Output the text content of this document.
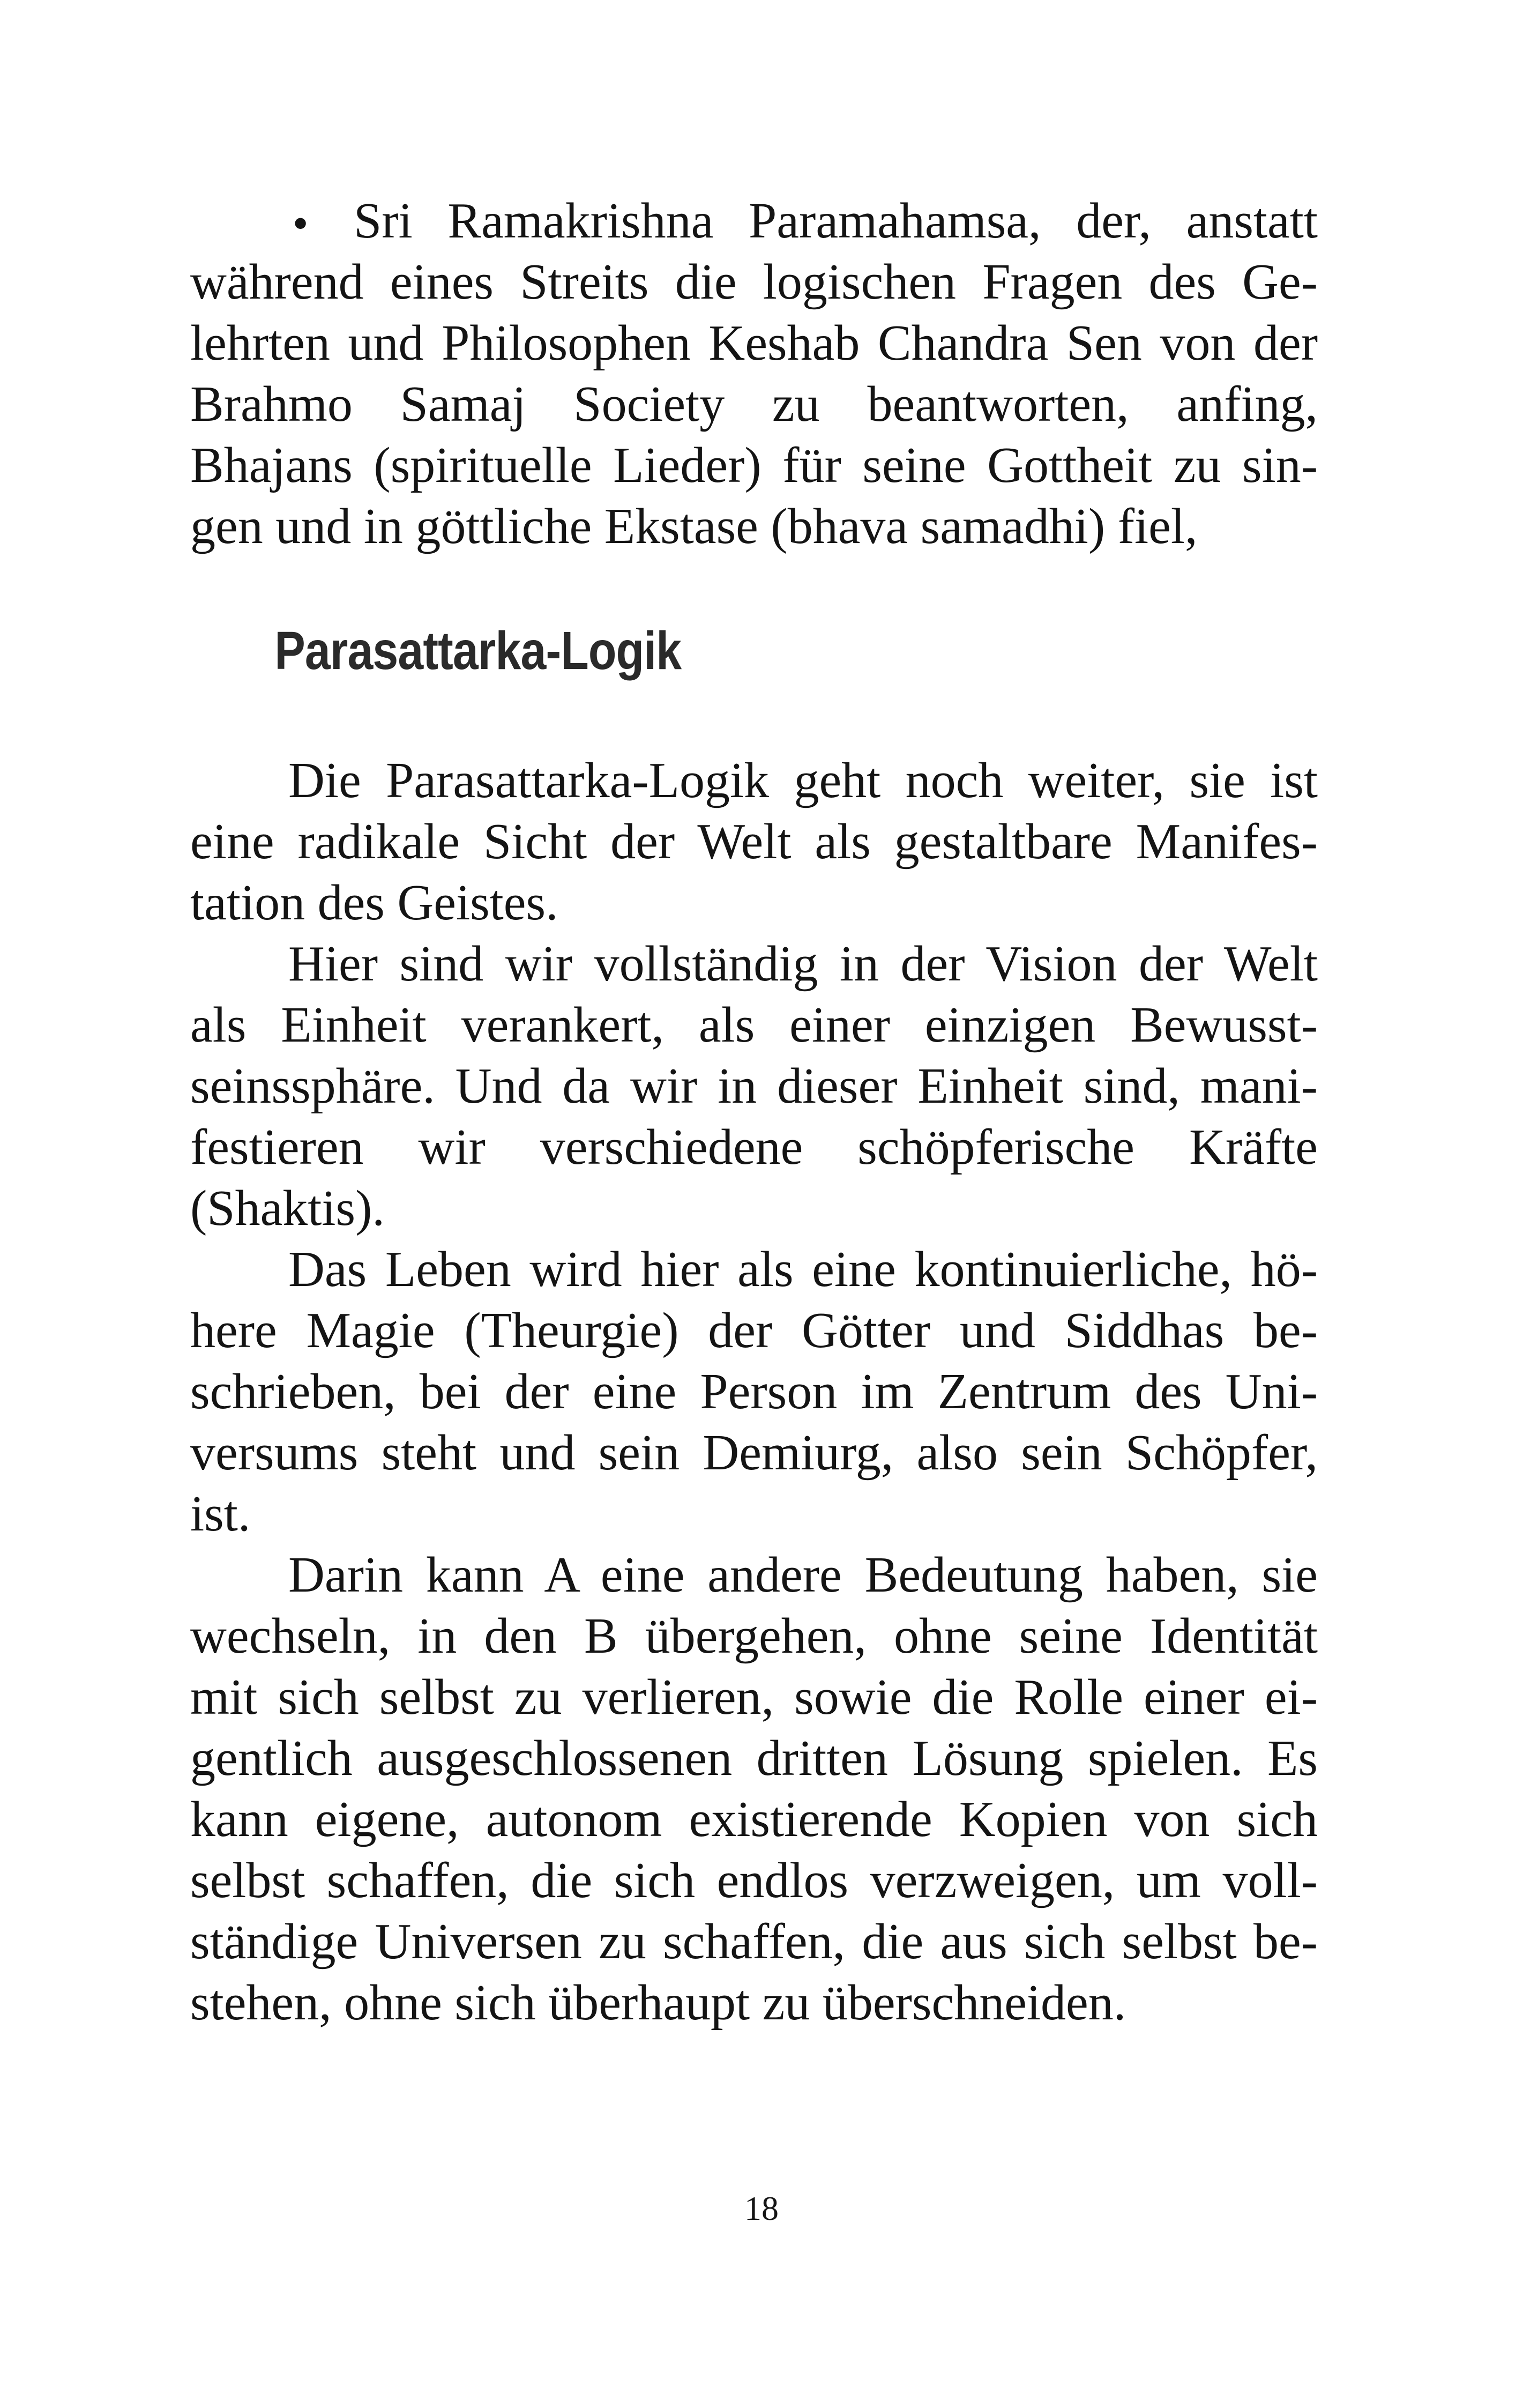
• Sri Ramakrishna Paramahamsa, der, anstatt
während eines Streits die logischen Fragen des Ge-
lehrten und Philosophen Keshab Chandra Sen von der
Brahmo Samaj Society zu beantworten, anfing,
Bhajans (spirituelle Lieder) für seine Gottheit zu sin-
gen und in göttliche Ekstase (bhava samadhi) fiel,
Parasattarka-Logik
Die Parasattarka-Logik geht noch weiter, sie ist
eine radikale Sicht der Welt als gestaltbare Manifes-
tation des Geistes.
Hier sind wir vollständig in der Vision der Welt
als Einheit verankert, als einer einzigen Bewusst-
seinssphäre. Und da wir in dieser Einheit sind, mani-
festieren wir verschiedene schöpferische Kräfte
(Shaktis).
Das Leben wird hier als eine kontinuierliche, hö-
here Magie (Theurgie) der Götter und Siddhas be-
schrieben, bei der eine Person im Zentrum des Uni-
versums steht und sein Demiurg, also sein Schöpfer,
ist.
Darin kann A eine andere Bedeutung haben, sie
wechseln, in den B übergehen, ohne seine Identität
mit sich selbst zu verlieren, sowie die Rolle einer ei-
gentlich ausgeschlossenen dritten Lösung spielen. Es
kann eigene, autonom existierende Kopien von sich
selbst schaffen, die sich endlos verzweigen, um voll-
ständige Universen zu schaffen, die aus sich selbst be-
stehen, ohne sich überhaupt zu überschneiden.
18
